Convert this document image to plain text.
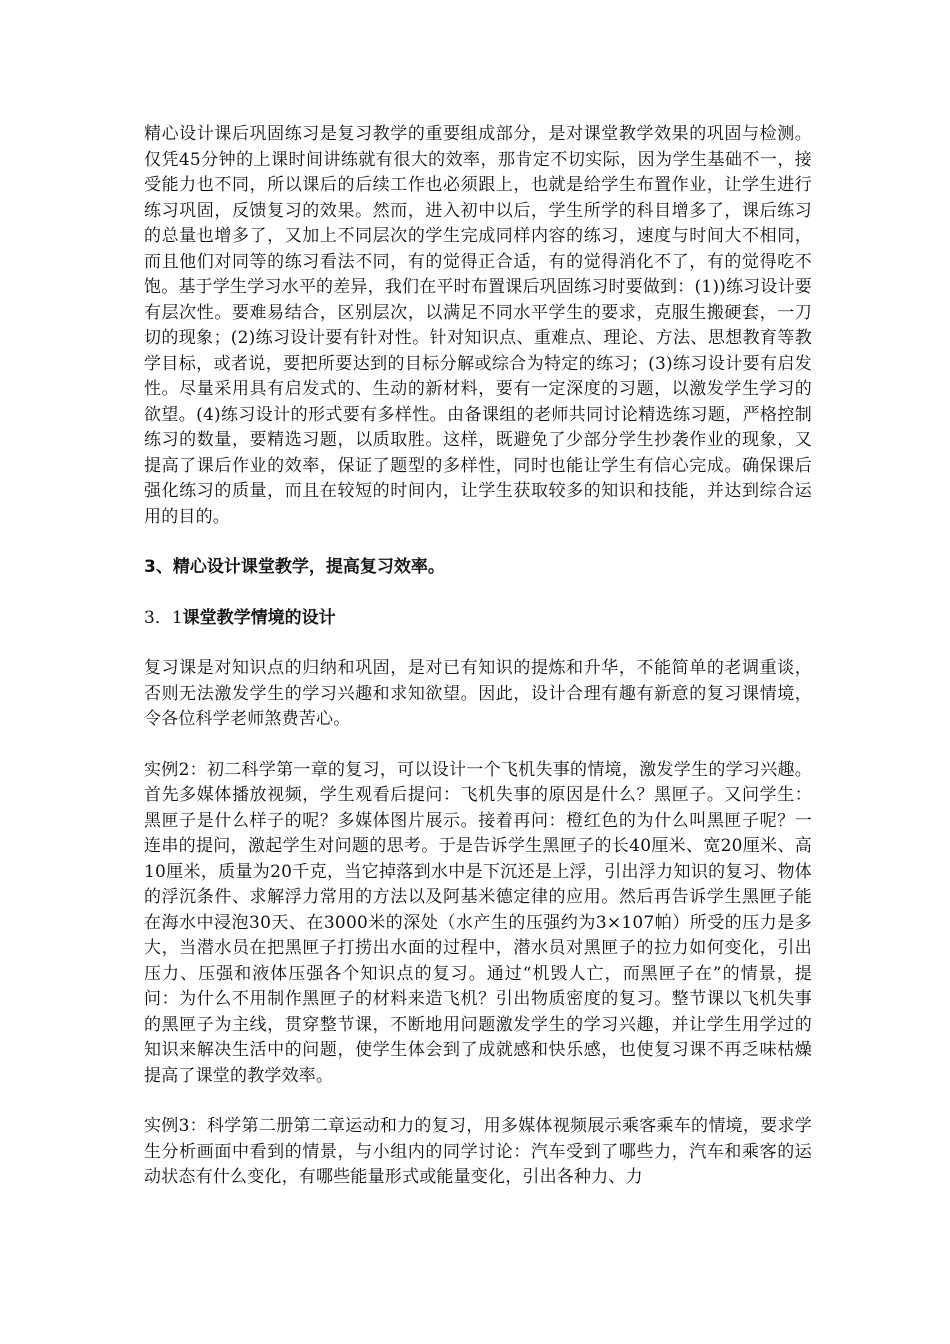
精心设计课后巩固练习是复习教学的重要组成部分，是对课堂教学效果的巩固与检测。仅凭45分钟的上课时间讲练就有很大的效率，那肯定不切实际，因为学生基础不一，接受能力也不同，所以课后的后续工作也必须跟上，也就是给学生布置作业，让学生进行练习巩固，反馈复习的效果。然而，进入初中以后，学生所学的科目增多了，课后练习的总量也增多了，又加上不同层次的学生完成同样内容的练习，速度与时间大不相同，而且他们对同等的练习看法不同，有的觉得正合适，有的觉得消化不了，有的觉得吃不饱。基于学生学习水平的差异，我们在平时布置课后巩固练习时要做到：(1))练习设计要有层次性。要难易结合，区别层次，以满足不同水平学生的要求，克服生搬硬套，一刀切的现象；(2)练习设计要有针对性。针对知识点、重难点、理论、方法、思想教育等教学目标，或者说，要把所要达到的目标分解或综合为特定的练习；(3)练习设计要有启发性。尽量采用具有启发式的、生动的新材料，要有一定深度的习题，以激发学生学习的欲望。(4)练习设计的形式要有多样性。由备课组的老师共同讨论精选练习题，严格控制练习的数量，要精选习题，以质取胜。这样，既避免了少部分学生抄袭作业的现象，又提高了课后作业的效率，保证了题型的多样性，同时也能让学生有信心完成。确保课后强化练习的质量，而且在较短的时间内，让学生获取较多的知识和技能，并达到综合运用的目的。

3、精心设计课堂教学，提高复习效率。

3．1课堂教学情境的设计

复习课是对知识点的归纳和巩固，是对已有知识的提炼和升华，不能简单的老调重谈，否则无法激发学生的学习兴趣和求知欲望。因此，设计合理有趣有新意的复习课情境，令各位科学老师煞费苦心。

实例2：初二科学第一章的复习，可以设计一个飞机失事的情境，激发学生的学习兴趣。首先多媒体播放视频，学生观看后提问：飞机失事的原因是什么？黑匣子。又问学生：黑匣子是什么样子的呢？多媒体图片展示。接着再问：橙红色的为什么叫黑匣子呢？一连串的提问，激起学生对问题的思考。于是告诉学生黑匣子的长40厘米、宽20厘米、高10厘米，质量为20千克，当它掉落到水中是下沉还是上浮，引出浮力知识的复习、物体的浮沉条件、求解浮力常用的方法以及阿基米德定律的应用。然后再告诉学生黑匣子能在海水中浸泡30天、在3000米的深处（水产生的压强约为3×107帕）所受的压力是多大，当潜水员在把黑匣子打捞出水面的过程中，潜水员对黑匣子的拉力如何变化，引出压力、压强和液体压强各个知识点的复习。通过“机毁人亡，而黑匣子在”的情景，提问：为什么不用制作黑匣子的材料来造飞机？引出物质密度的复习。整节课以飞机失事的黑匣子为主线，贯穿整节课，不断地用问题激发学生的学习兴趣，并让学生用学过的知识来解决生活中的问题，使学生体会到了成就感和快乐感，也使复习课不再乏味枯燥提高了课堂的教学效率。

实例3：科学第二册第二章运动和力的复习，用多媒体视频展示乘客乘车的情境，要求学生分析画面中看到的情景，与小组内的同学讨论：汽车受到了哪些力，汽车和乘客的运动状态有什么变化，有哪些能量形式或能量变化，引出各种力、力
